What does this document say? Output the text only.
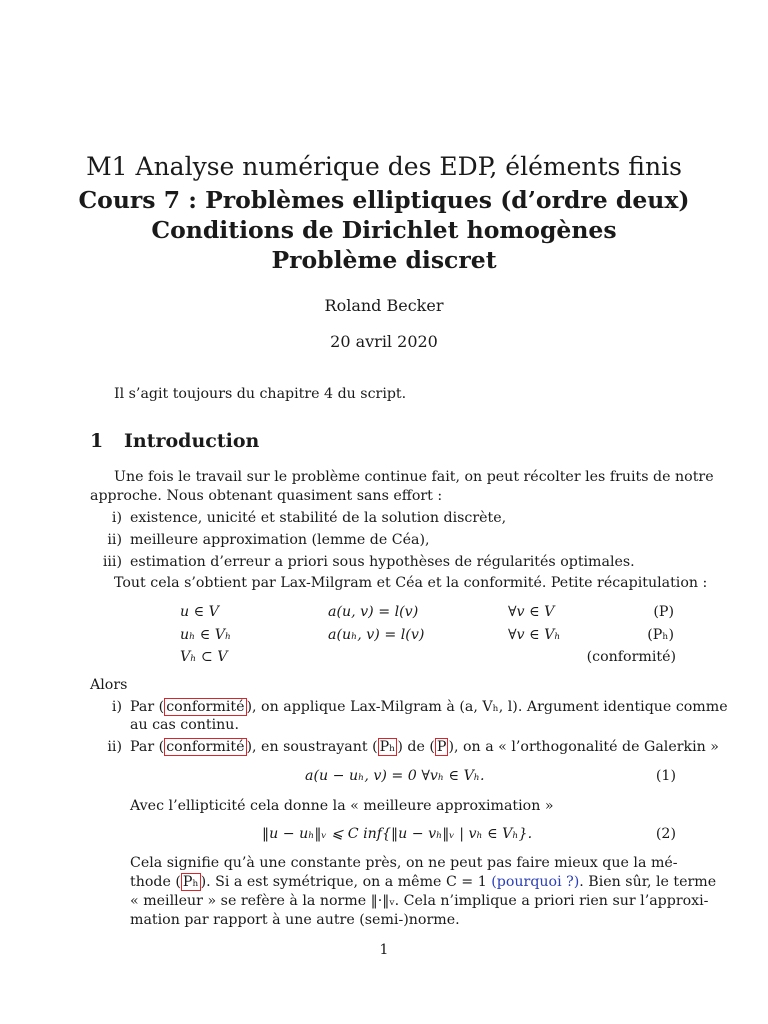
M1 Analyse numérique des EDP, éléments finis
Cours 7 : Problèmes elliptiques (d’ordre deux)
Conditions de Dirichlet homogènes
Problème discret
Roland Becker
20 avril 2020
Il s’agit toujours du chapitre 4 du script.
1 Introduction
Une fois le travail sur le problème continue fait, on peut récolter les fruits de notre
approche. Nous obtenant quasiment sans effort :
i) existence, unicité et stabilité de la solution discrète,
ii) meilleure approximation (lemme de Céa),
iii) estimation d’erreur a priori sous hypothèses de régularités optimales.
Tout cela s’obtient par Lax-Milgram et Céa et la conformité. Petite récapitulation :
u ∈ V	a(u, v) = l(v)	∀v ∈ V	(P)
uₕ ∈ Vₕ	a(uₕ, v) = l(v)	∀v ∈ Vₕ	(Pₕ)
Vₕ ⊂ V	(conformité)
Alors
i) Par ( conformité ), on applique Lax-Milgram à (a, Vₕ, l). Argument identique comme
au cas continu.
ii) Par ( conformité ), en soustrayant ( Pₕ ) de ( P ), on a « l’orthogonalité de Galerkin »
a(u − uₕ, v) = 0 ∀vₕ ∈ Vₕ.	(1)
Avec l’ellipticité cela donne la « meilleure approximation »
‖u − uₕ‖ᵥ ⩽ C inf{‖u − vₕ‖ᵥ | vₕ ∈ Vₕ}.	(2)
Cela signifie qu’à une constante près, on ne peut pas faire mieux que la mé-
thode ( Pₕ ). Si a est symétrique, on a même C = 1 (pourquoi ?). Bien sûr, le terme
« meilleur » se refère à la norme ‖·‖ᵥ. Cela n’implique a priori rien sur l’approxi-
mation par rapport à une autre (semi-)norme.
1
